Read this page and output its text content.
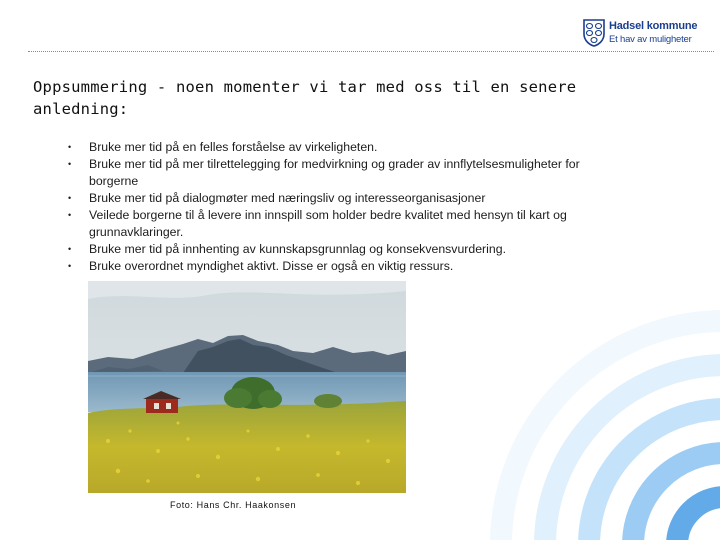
Hadsel kommune
Et hav av muligheter
Oppsummering - noen momenter vi tar med oss til en senere anledning:
• Bruke mer tid på en felles forståelse av virkeligheten.
• Bruke mer tid på mer tilrettelegging for medvirkning og grader av innflytelsesmuligheter for borgerne
• Bruke mer tid på dialogmøter med næringsliv og interesseorganisasjoner
• Veilede borgerne til å levere inn innspill som holder bedre kvalitet med hensyn til kart og grunnavklaringer.
• Bruke mer tid på innhenting av kunnskapsgrunnlag og konsekvensvurdering.
• Bruke overordnet myndighet aktivt. Disse er også en viktig ressurs.
Foto: Hans Chr. Haakonsen
